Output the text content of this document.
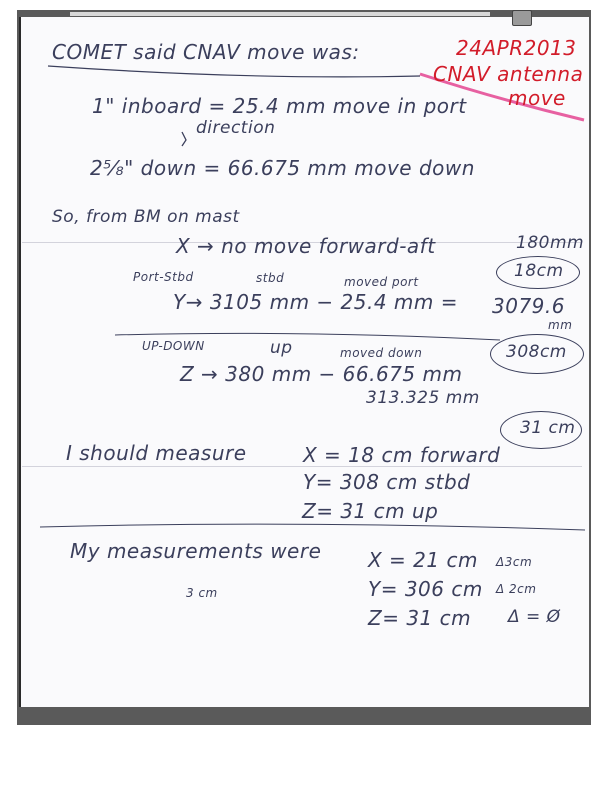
COMET said CNAV move was:	24APR2013
CNAV antenna
move
1" inboard = 25.4 mm move in port
direction
2⁵⁄₈" down = 66.675 mm move down
So, from BM on mast
X → no move forward-aft	180mm
18cm
Port-Stbd	stbd	moved port
Y→ 3105 mm − 25.4 mm = 3079.6
mm
308cm
UP-DOWN	up	moved down
Z → 380 mm − 66.675 mm
313.325 mm
31 cm
I should measure	X = 18 cm forward
Y= 308 cm stbd
Z= 31 cm up
My measurements were
3 cm
X = 21 cm Δ3cm
Y= 306 cm Δ 2cm
Z= 31 cm Δ = Ø
